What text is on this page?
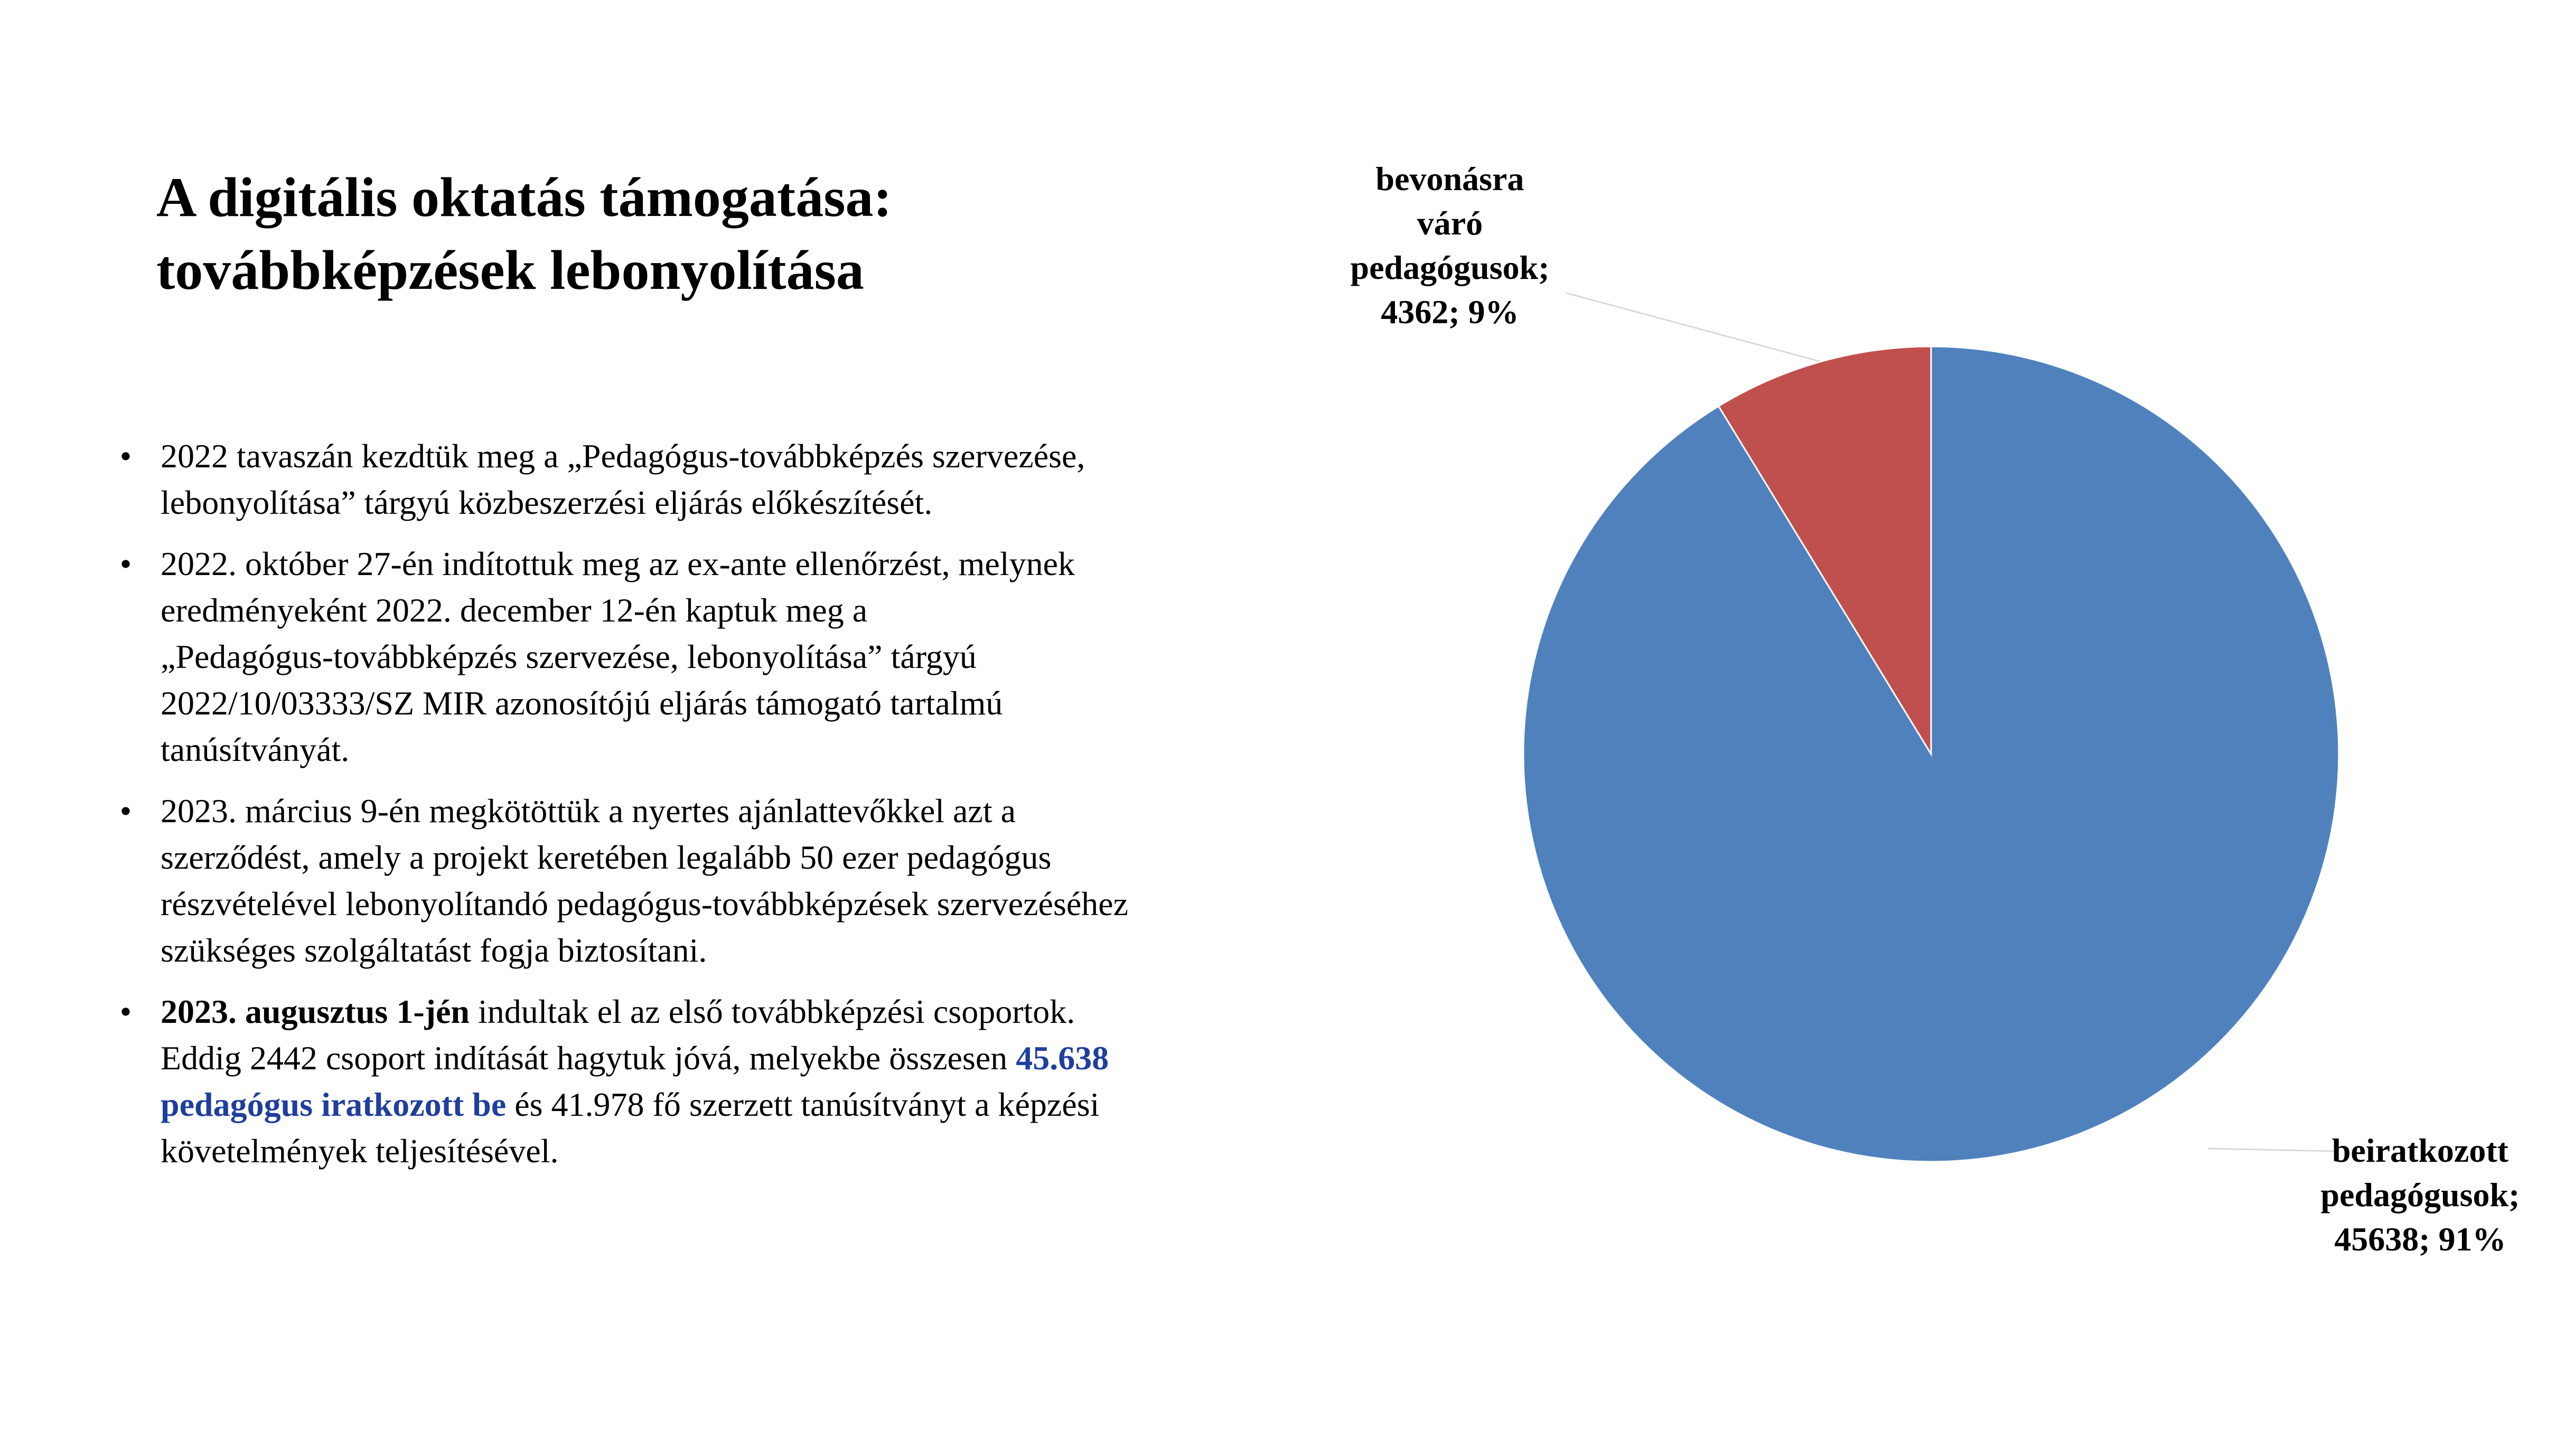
A digitális oktatás támogatása:
továbbképzések lebonyolítása
• 2022 tavaszán kezdtük meg a „Pedagógus-továbbképzés szervezése,
lebonyolítása” tárgyú közbeszerzési eljárás előkészítését.
• 2022. október 27-én indítottuk meg az ex-ante ellenőrzést, melynek
eredményeként 2022. december 12-én kaptuk meg a
„Pedagógus-továbbképzés szervezése, lebonyolítása” tárgyú
2022/10/03333/SZ MIR azonosítójú eljárás támogató tartalmú
tanúsítványát.
• 2023. március 9-én megkötöttük a nyertes ajánlattevőkkel azt a
szerződést, amely a projekt keretében legalább 50 ezer pedagógus
részvételével lebonyolítandó pedagógus-továbbképzések szervezéséhez
szükséges szolgáltatást fogja biztosítani.
• 2023. augusztus 1-jén indultak el az első továbbképzési csoportok.
Eddig 2442 csoport indítását hagytuk jóvá, melyekbe összesen 45.638
pedagógus iratkozott be és 41.978 fő szerzett tanúsítványt a képzési
követelmények teljesítésével.	beiratkozott pedagógusok; 45638; 91%
bevonásra váró pedagógusok; 4362; 9%
